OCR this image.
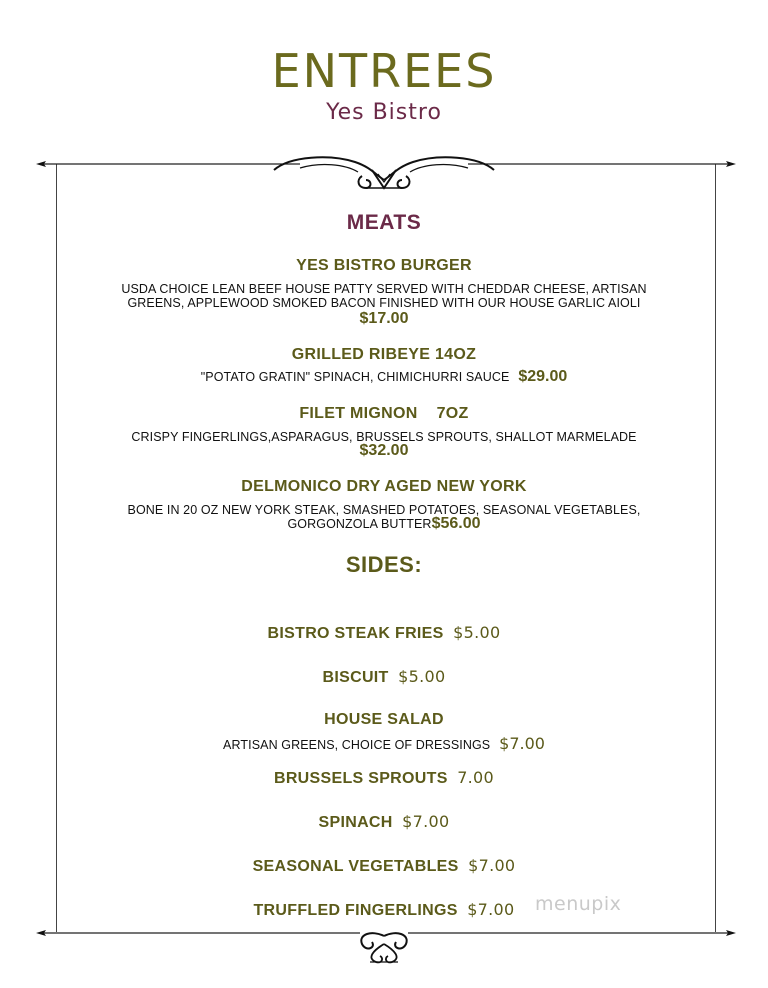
ENTREES
Yes Bistro
MEATS
YES BISTRO BURGER
USDA CHOICE LEAN BEEF HOUSE PATTY SERVED WITH CHEDDAR CHEESE, ARTISAN
GREENS, APPLEWOOD SMOKED BACON FINISHED WITH OUR HOUSE GARLIC AIOLI
$17.00
GRILLED RIBEYE 14OZ
"POTATO GRATIN" SPINACH, CHIMICHURRI SAUCE $29.00
FILET MIGNON    7OZ
CRISPY FINGERLINGS,ASPARAGUS, BRUSSELS SPROUTS, SHALLOT MARMELADE
$32.00
DELMONICO DRY AGED NEW YORK
BONE IN 20 OZ NEW YORK STEAK, SMASHED POTATOES, SEASONAL VEGETABLES,
GORGONZOLA BUTTER$56.00
SIDES:
BISTRO STEAK FRIES $5.00
BISCUIT $5.00
HOUSE SALAD
ARTISAN GREENS, CHOICE OF DRESSINGS $7.00
BRUSSELS SPROUTS 7.00
SPINACH $7.00
SEASONAL VEGETABLES $7.00
TRUFFLED FINGERLINGS $7.00	menupix
